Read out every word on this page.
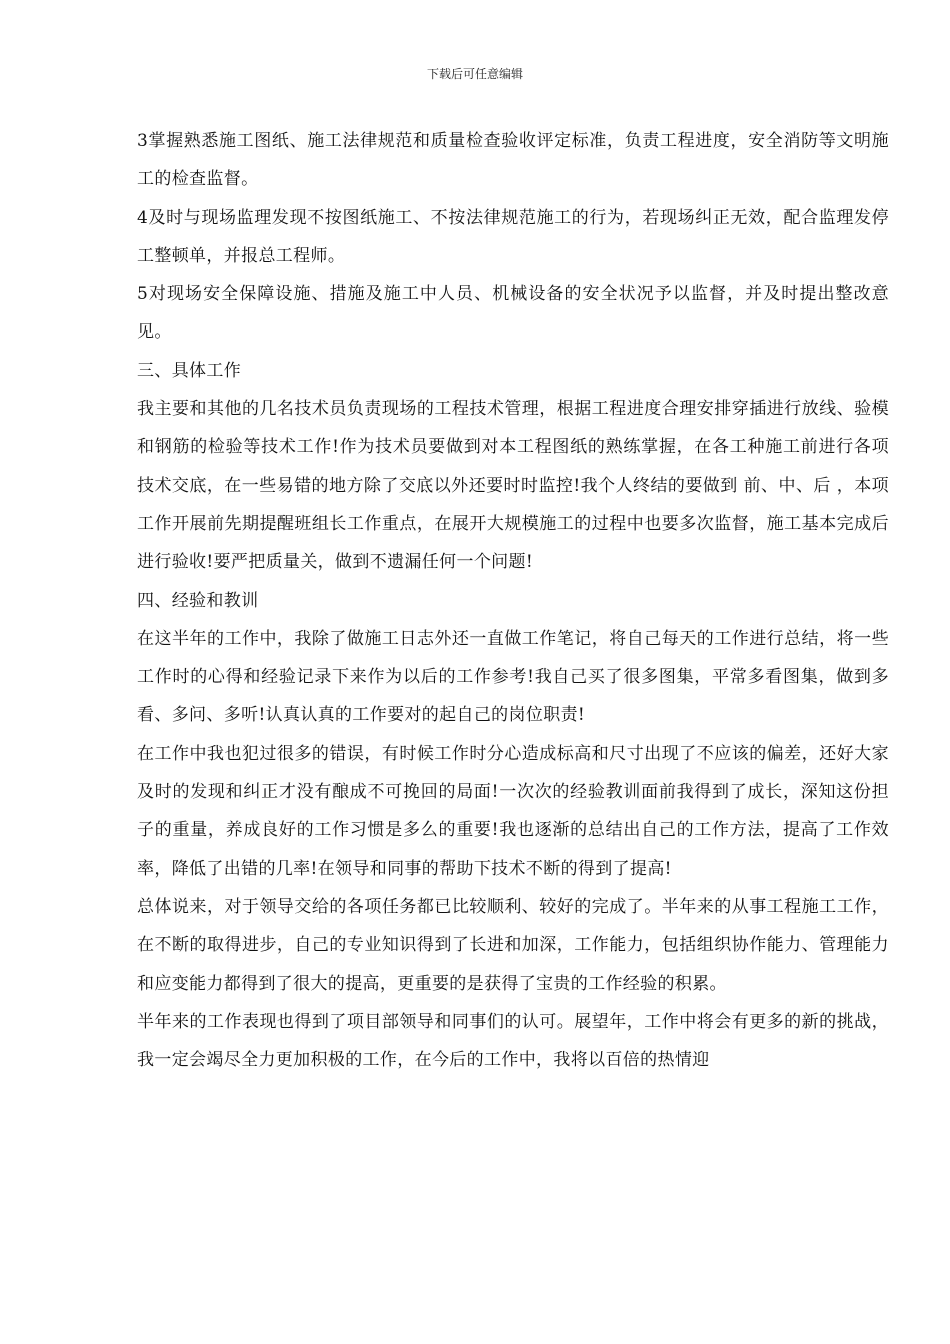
下载后可任意编辑

3掌握熟悉施工图纸、施工法律规范和质量检查验收评定标准，负责工程进度，安全消防等文明施工的检查监督。

4及时与现场监理发现不按图纸施工、不按法律规范施工的行为，若现场纠正无效，配合监理发停工整顿单，并报总工程师。

5对现场安全保障设施、措施及施工中人员、机械设备的安全状况予以监督，并及时提出整改意见。

三、具体工作

我主要和其他的几名技术员负责现场的工程技术管理，根据工程进度合理安排穿插进行放线、验模和钢筋的检验等技术工作!作为技术员要做到对本工程图纸的熟练掌握，在各工种施工前进行各项技术交底，在一些易错的地方除了交底以外还要时时监控!我个人终结的要做到 前、中、后 ，本项工作开展前先期提醒班组长工作重点，在展开大规模施工的过程中也要多次监督，施工基本完成后进行验收!要严把质量关，做到不遗漏任何一个问题!

四、经验和教训

在这半年的工作中，我除了做施工日志外还一直做工作笔记，将自己每天的工作进行总结，将一些工作时的心得和经验记录下来作为以后的工作参考!我自己买了很多图集，平常多看图集，做到多看、多问、多听!认真认真的工作要对的起自己的岗位职责!

在工作中我也犯过很多的错误，有时候工作时分心造成标高和尺寸出现了不应该的偏差，还好大家及时的发现和纠正才没有酿成不可挽回的局面!一次次的经验教训面前我得到了成长，深知这份担子的重量，养成良好的工作习惯是多么的重要!我也逐渐的总结出自己的工作方法，提高了工作效率，降低了出错的几率!在领导和同事的帮助下技术不断的得到了提高!

总体说来，对于领导交给的各项任务都已比较顺利、较好的完成了。半年来的从事工程施工工作， 在不断的取得进步，自己的专业知识得到了长进和加深，工作能力，包括组织协作能力、管理能力和应变能力都得到了很大的提高，更重要的是获得了宝贵的工作经验的积累。

半年来的工作表现也得到了项目部领导和同事们的认可。展望年，工作中将会有更多的新的挑战，我一定会竭尽全力更加积极的工作，在今后的工作中，我将以百倍的热情迎
